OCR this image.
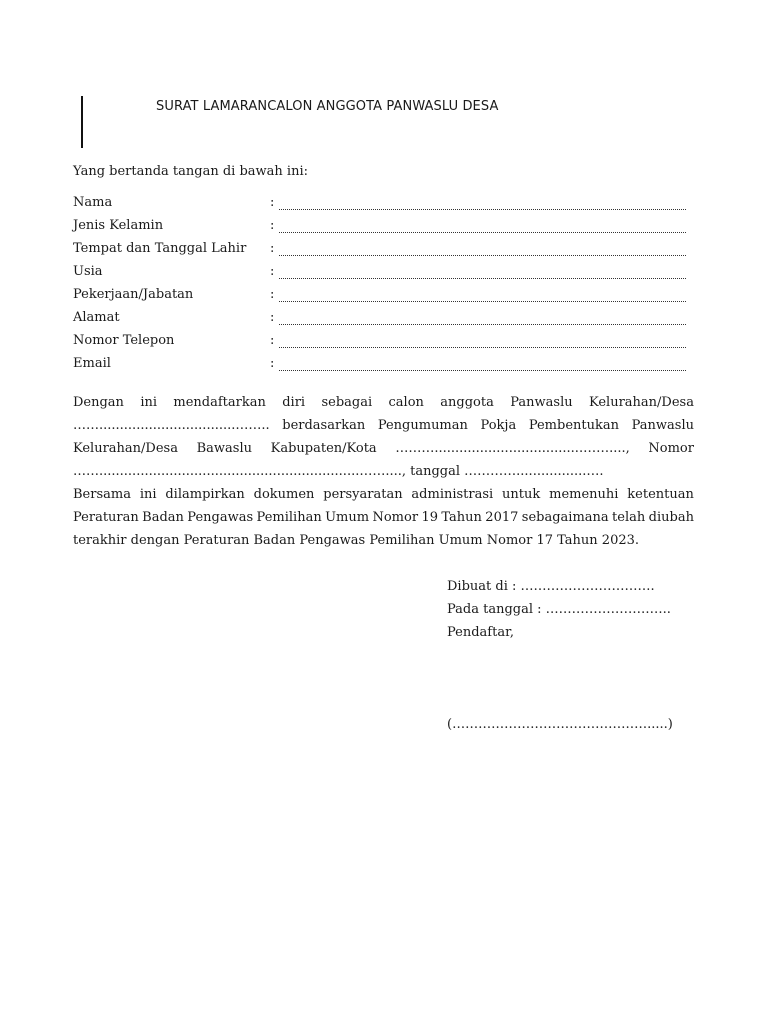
SURAT LAMARANCALON ANGGOTA PANWASLU DESA
Yang bertanda tangan di bawah ini:
Nama	:
Jenis Kelamin	:
Tempat dan Tanggal Lahir :
Usia	:
Pekerjaan/Jabatan	:
Alamat	:
Nomor Telepon	:
Email	:
Dengan ini mendaftarkan diri sebagai calon anggota Panwaslu Kelurahan/Desa
…….................................…….. berdasarkan Pengumuman Pokja Pembentukan Panwaslu
Kelurahan/Desa Bawaslu Kabupaten/Kota ………....................................……...., Nomor
……...............................................................……...., tanggal ………….................….
Bersama ini dilampirkan dokumen persyaratan administrasi untuk memenuhi ketentuan
Peraturan Badan Pengawas Pemilihan Umum Nomor 19 Tahun 2017 sebagaimana telah diubah
terakhir dengan Peraturan Badan Pengawas Pemilihan Umum Nomor 17 Tahun 2023.
Dibuat di : ………………………….
Pada tanggal : ………………………..
Pendaftar,
(……………………………………….....)
